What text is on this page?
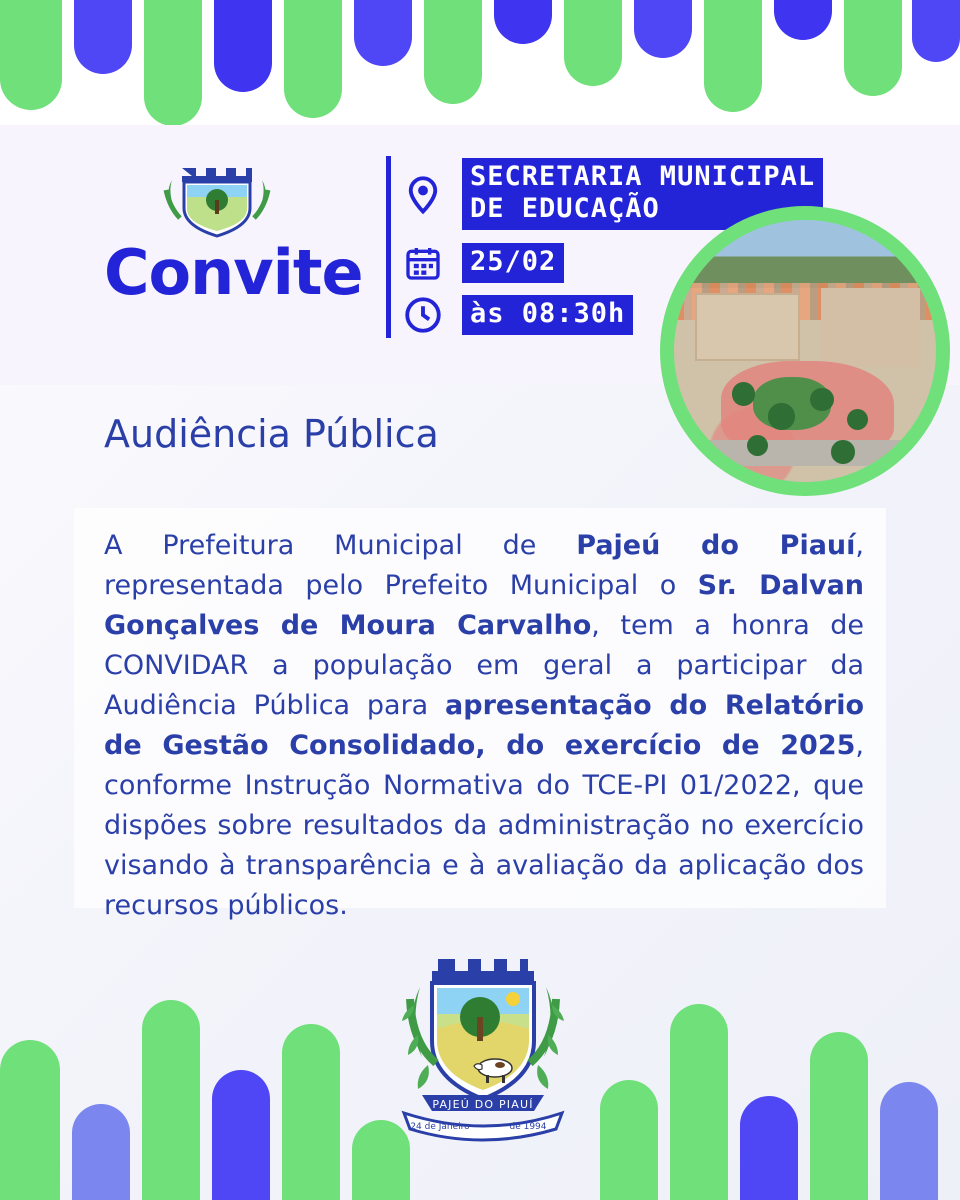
Convite
SECRETARIA MUNICIPAL
DE EDUCAÇÃO
25/02
às 08:30h
Audiência Pública
A Prefeitura Municipal de Pajeú do Piauí, representada pelo Prefeito Municipal o Sr. Dalvan Gonçalves de Moura Carvalho, tem a honra de CONVIDAR a população em geral a participar da Audiência Pública para apresentação do Relatório de Gestão Consolidado, do exercício de 2025, conforme Instrução Normativa do TCE-PI 01/2022, que dispões sobre resultados da administração no exercício visando à transparência e à avaliação da aplicação dos recursos públicos.
PAJEÚ DO PIAUÍ
24 de Janeiro	de 1994
